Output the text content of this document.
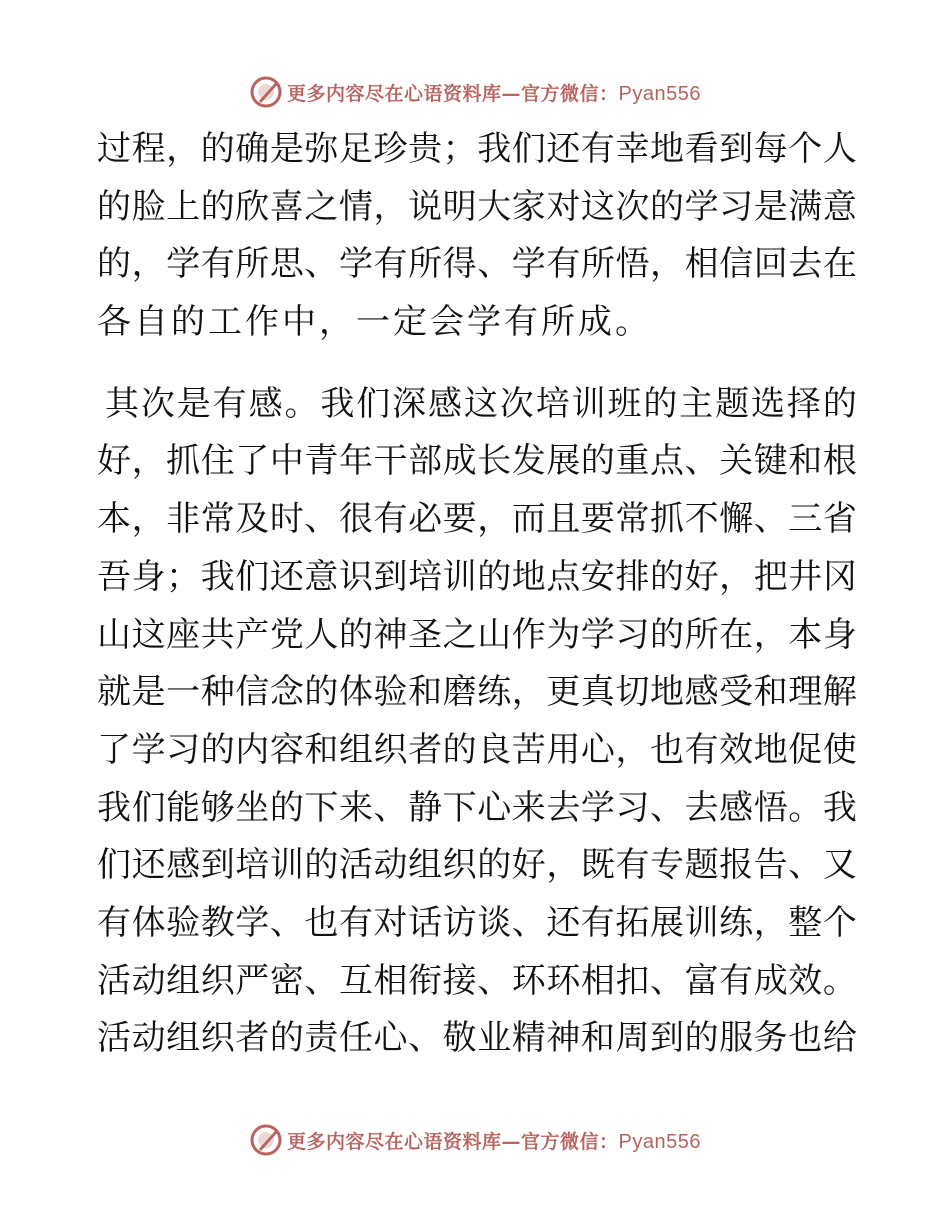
更多内容尽在心语资料库—官方微信：Pyan556
过 程 ， 的 确 是 弥 足 珍 贵 ； 我 们 还 有 幸 地 看 到 每 个 人
的 脸 上 的 欣 喜 之 情 ， 说 明 大 家 对 这 次 的 学 习 是 满 意
的 ， 学 有 所 思 、 学 有 所 得 、 学 有 所 悟 ， 相 信 回 去 在
各自的工作中，一定会学有所成。
其 次 是 有 感 。 我 们 深 感 这 次 培 训 班 的 主 题 选 择 的
好 ， 抓 住 了 中 青 年 干 部 成 长 发 展 的 重 点 、 关 键 和 根
本 ， 非 常 及 时 、 很 有 必 要 ， 而 且 要 常 抓 不 懈 、 三 省
吾 身 ； 我 们 还 意 识 到 培 训 的 地 点 安 排 的 好 ， 把 井 冈
山 这 座 共 产 党 人 的 神 圣 之 山 作 为 学 习 的 所 在 ， 本 身
就 是 一 种 信 念 的 体 验 和 磨 练 ， 更 真 切 地 感 受 和 理 解
了 学 习 的 内 容 和 组 织 者 的 良 苦 用 心 ， 也 有 效 地 促 使
我 们 能 够 坐 的 下 来 、 静 下 心 来 去 学 习 、 去 感 悟 。 我
们 还 感 到 培 训 的 活 动 组 织 的 好 ， 既 有 专 题 报 告 、 又
有 体 验 教 学 、 也 有 对 话 访 谈 、 还 有 拓 展 训 练 ， 整 个
活 动 组 织 严 密 、 互 相 衔 接 、 环 环 相 扣 、 富 有 成 效 。
活 动 组 织 者 的 责 任 心 、 敬 业 精 神 和 周 到 的 服 务 也 给
更多内容尽在心语资料库—官方微信：Pyan556
